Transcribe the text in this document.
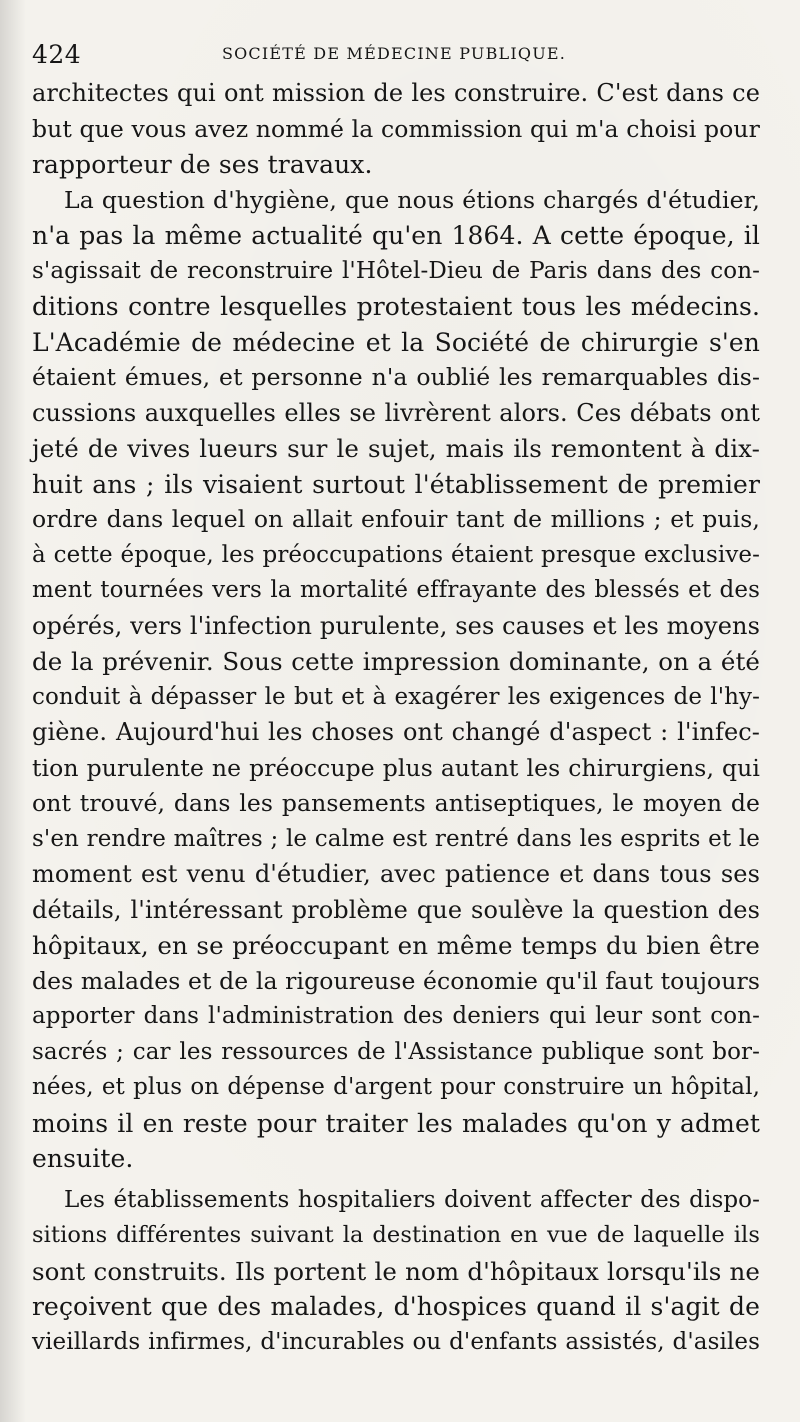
424	SOCIÉTÉ DE MÉDECINE PUBLIQUE.
architectes qui ont mission de les construire. C'est dans ce
but que vous avez nommé la commission qui m'a choisi pour
rapporteur de ses travaux.
La question d'hygiène, que nous étions chargés d'étudier,
n'a pas la même actualité qu'en 1864. A cette époque, il
s'agissait de reconstruire l'Hôtel-Dieu de Paris dans des con-
ditions contre lesquelles protestaient tous les médecins.
L'Académie de médecine et la Société de chirurgie s'en
étaient émues, et personne n'a oublié les remarquables dis-
cussions auxquelles elles se livrèrent alors. Ces débats ont
jeté de vives lueurs sur le sujet, mais ils remontent à dix-
huit ans ; ils visaient surtout l'établissement de premier
ordre dans lequel on allait enfouir tant de millions ; et puis,
à cette époque, les préoccupations étaient presque exclusive-
ment tournées vers la mortalité effrayante des blessés et des
opérés, vers l'infection purulente, ses causes et les moyens
de la prévenir. Sous cette impression dominante, on a été
conduit à dépasser le but et à exagérer les exigences de l'hy-
giène. Aujourd'hui les choses ont changé d'aspect : l'infec-
tion purulente ne préoccupe plus autant les chirurgiens, qui
ont trouvé, dans les pansements antiseptiques, le moyen de
s'en rendre maîtres ; le calme est rentré dans les esprits et le
moment est venu d'étudier, avec patience et dans tous ses
détails, l'intéressant problème que soulève la question des
hôpitaux, en se préoccupant en même temps du bien être
des malades et de la rigoureuse économie qu'il faut toujours
apporter dans l'administration des deniers qui leur sont con-
sacrés ; car les ressources de l'Assistance publique sont bor-
nées, et plus on dépense d'argent pour construire un hôpital,
moins il en reste pour traiter les malades qu'on y admet
ensuite.
Les établissements hospitaliers doivent affecter des dispo-
sitions différentes suivant la destination en vue de laquelle ils
sont construits. Ils portent le nom d'hôpitaux lorsqu'ils ne
reçoivent que des malades, d'hospices quand il s'agit de
vieillards infirmes, d'incurables ou d'enfants assistés, d'asiles
